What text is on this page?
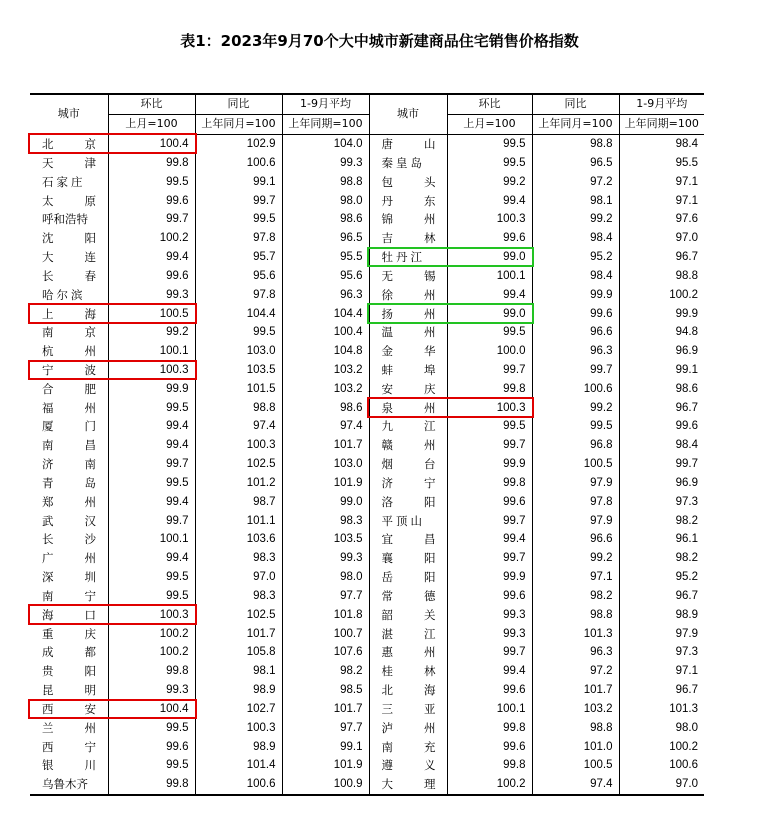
表1：2023年9月70个大中城市新建商品住宅销售价格指数
城市	环比	同比	1-9月平均	城市	环比	同比	1-9月平均
	上月=100	上年同月=100	上年同期=100		上月=100	上年同月=100	上年同期=100

北 京	100.4	102.9	104.0	唐 山	99.5	98.8	98.4

天 津	99.8	100.6	99.3	秦皇岛	99.5	96.5	95.5
石家庄	99.5	99.1	98.8	包 头	99.2	97.2	97.1

太 原	99.6	99.7	98.0	丹 东	99.4	98.1	97.1
呼和浩特	99.7	99.5	98.6	锦 州	100.3	99.2	97.6

沈 阳	100.2	97.8	96.5	吉 林	99.6	98.4	97.0

大 连	99.4	95.7	95.5	牡丹江	99.0	95.2	96.7

长 春	99.6	95.6	95.6	无 锡	100.1	98.4	98.8
哈尔滨	99.3	97.8	96.3	徐 州	99.4	99.9	100.2

上 海	100.5	104.4	104.4	扬 州	99.0	99.6	99.9

南 京	99.2	99.5	100.4	温 州	99.5	96.6	94.8

杭 州	100.1	103.0	104.8	金 华	100.0	96.3	96.9

宁 波	100.3	103.5	103.2	蚌 埠	99.7	99.7	99.1

合 肥	99.9	101.5	103.2	安 庆	99.8	100.6	98.6

福 州	99.5	98.8	98.6	泉 州	100.3	99.2	96.7

厦 门	99.4	97.4	97.4	九 江	99.5	99.5	99.6

南 昌	99.4	100.3	101.7	赣 州	99.7	96.8	98.4

济 南	99.7	102.5	103.0	烟 台	99.9	100.5	99.7

青 岛	99.5	101.2	101.9	济 宁	99.8	97.9	96.9

郑 州	99.4	98.7	99.0	洛 阳	99.6	97.8	97.3

武 汉	99.7	101.1	98.3	平顶山	99.7	97.9	98.2

长 沙	100.1	103.6	103.5	宜 昌	99.4	96.6	96.1

广 州	99.4	98.3	99.3	襄 阳	99.7	99.2	98.2

深 圳	99.5	97.0	98.0	岳 阳	99.9	97.1	95.2

南 宁	99.5	98.3	97.7	常 德	99.6	98.2	96.7

海 口	100.3	102.5	101.8	韶 关	99.3	98.8	98.9

重 庆	100.2	101.7	100.7	湛 江	99.3	101.3	97.9

成 都	100.2	105.8	107.6	惠 州	99.7	96.3	97.3

贵 阳	99.8	98.1	98.2	桂 林	99.4	97.2	97.1

昆 明	99.3	98.9	98.5	北 海	99.6	101.7	96.7

西 安	100.4	102.7	101.7	三 亚	100.1	103.2	101.3

兰 州	99.5	100.3	97.7	泸 州	99.8	98.8	98.0

西 宁	99.6	98.9	99.1	南 充	99.6	101.0	100.2

银 川	99.5	101.4	101.9	遵 义	99.8	100.5	100.6
乌鲁木齐	99.8	100.6	100.9	大 理	100.2	97.4	97.0
